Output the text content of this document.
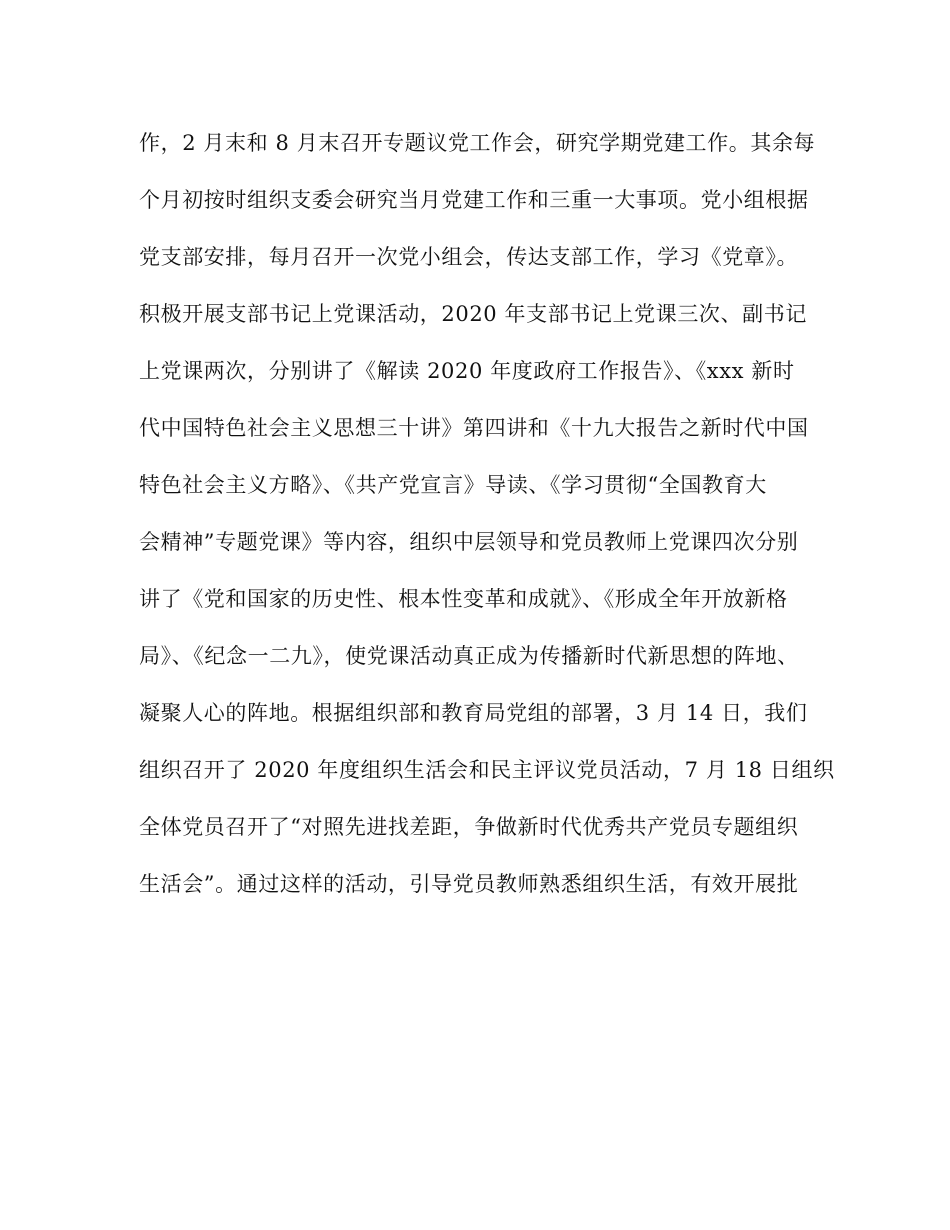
作，2 月末和 8 月末召开专题议党工作会，研究学期党建工作。其余每
个月初按时组织支委会研究当月党建工作和三重一大事项。党小组根据
党支部安排，每月召开一次党小组会，传达支部工作，学习《党章》。
积极开展支部书记上党课活动，2020 年支部书记上党课三次、副书记
上党课两次，分别讲了《解读 2020 年度政府工作报告》、《xxx 新时
代中国特色社会主义思想三十讲》第四讲和《十九大报告之新时代中国
特色社会主义方略》、《共产党宣言》导读、《学习贯彻“全国教育大
会精神”专题党课》等内容，组织中层领导和党员教师上党课四次分别
讲了《党和国家的历史性、根本性变革和成就》、《形成全年开放新格
局》、《纪念一二九》，使党课活动真正成为传播新时代新思想的阵地、
凝聚人心的阵地。根据组织部和教育局党组的部署，3 月 14 日，我们
组织召开了 2020 年度组织生活会和民主评议党员活动，7 月 18 日组织
全体党员召开了“对照先进找差距，争做新时代优秀共产党员专题组织
生活会”。通过这样的活动，引导党员教师熟悉组织生活，有效开展批
